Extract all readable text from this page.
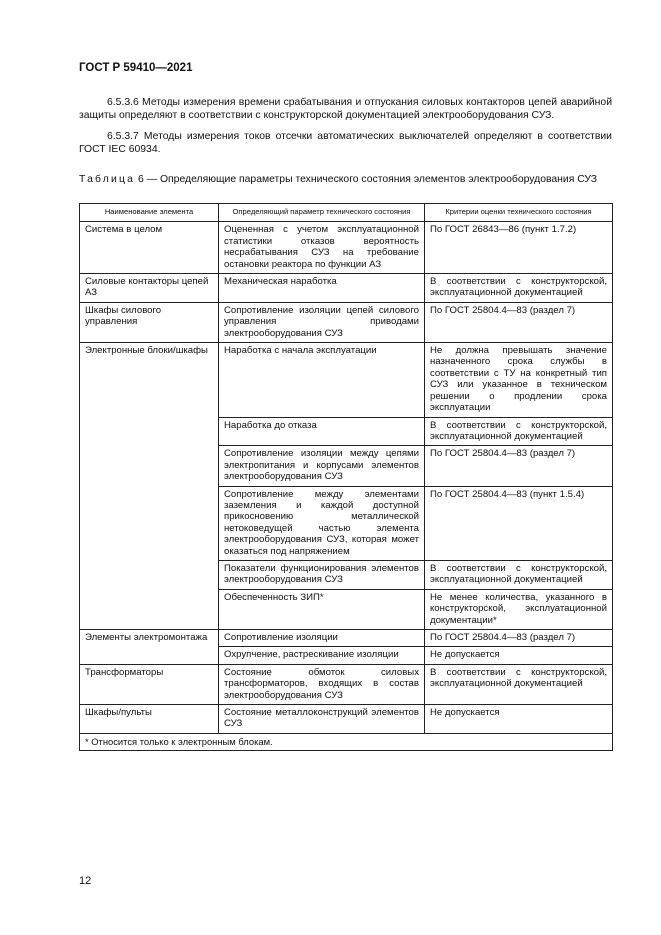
ГОСТ Р 59410—2021
6.5.3.6 Методы измерения времени срабатывания и отпускания силовых контакторов цепей аварийной защиты определяют в соответствии с конструкторской документацией электрооборудования СУЗ.
6.5.3.7 Методы измерения токов отсечки автоматических выключателей определяют в соответствии ГОСТ IEC 60934.
Таблица 6 — Определяющие параметры технического состояния элементов электрооборудования СУЗ
Наименование элемента	Определяющий параметр технического состояния	Критерии оценки технического состояния
Система в целом	Оцененная с учетом эксплуатационной статистики отказов вероятность несрабатывания СУЗ на требование остановки реактора по функции АЗ	По ГОСТ 26843—86 (пункт 1.7.2)
Силовые контакторы цепей АЗ	Механическая наработка	В соответствии с конструкторской, эксплуатационной документацией
Шкафы силового управления	Сопротивление изоляции цепей силового управления приводами электрооборудования СУЗ	По ГОСТ 25804.4—83 (раздел 7)
Электронные блоки/шкафы	Наработка с начала эксплуатации	Не должна превышать значение назначенного срока службы в соответствии с ТУ на конкретный тип СУЗ или указанное в техническом решении о продлении срока эксплуатации
	Наработка до отказа	В соответствии с конструкторской, эксплуатационной документацией
	Сопротивление изоляции между цепями электропитания и корпусами элементов электрооборудования СУЗ	По ГОСТ 25804.4—83 (раздел 7)
	Сопротивление между элементами заземления и каждой доступной прикосновению металлической нетоковедущей частью элемента электрооборудования СУЗ, которая может оказаться под напряжением	По ГОСТ 25804.4—83 (пункт 1.5.4)
	Показатели функционирования элементов электрооборудования СУЗ	В соответствии с конструкторской, эксплуатационной документацией
	Обеспеченность ЗИП*	Не менее количества, указанного в конструкторской, эксплуатационной документации*
Элементы электромонтажа	Сопротивление изоляции	По ГОСТ 25804.4—83 (раздел 7)
	Охрупчение, растрескивание изоляции	Не допускается
Трансформаторы	Состояние обмоток силовых трансформаторов, входящих в состав электрооборудования СУЗ	В соответствии с конструкторской, эксплуатационной документацией
Шкафы/пульты	Состояние металлоконструкций элементов СУЗ	Не допускается
* Относится только к электронным блокам.		
12
